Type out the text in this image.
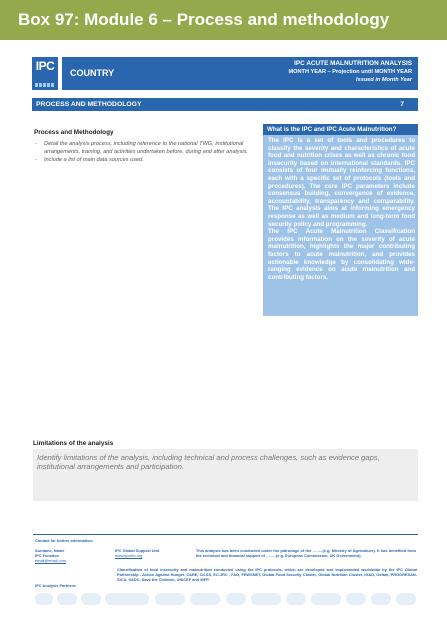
Box 97: Module 6 – Process and methodology
IPC	COUNTRY
IPC ACUTE MALNUTRITION ANALYSIS
MONTH YEAR – Projection until MONTH YEAR
Issued in Month Year
PROCESS AND METHODOLOGY	7
Process and Methodology
- Detail the analysis process, including reference to the national TWG, institutional arrangements, training, and activities undertaken before, during and after analysis.
- Include a list of main data sources used.
What is the IPC and IPC Acute Malnutrition?

The IPC is a set of tools and procedures to classify the severity and characteristics of acute food and nutrition crises as well as chronic food insecurity based on international standards. IPC consists of four mutually reinforcing functions, each with a specific set of protocols (tools and procedures). The core IPC parameters include consensus building, convergence of evidence, accountability, transparency and comparability. The IPC analysis aims at informing emergency response as well as medium and long-term food security policy and programming.

The IPC Acute Malnutrition Classification provides information on the severity of acute malnutrition, highlights the major contributing factors to acute malnutrition, and provides actionable knowledge by consolidating wide-ranging evidence on acute malnutrition and contributing factors.

Limitations of the analysis
Identify limitations of the analysis, including technical and process challenges, such as evidence gaps, institutional arrangements and participation.
Contact for further information:
Surname, Name
IPC Function
email@email.com
IPC Global Support Unit
www.ipcinfo.org
This analysis has been conducted under the patronage of the ……..(e.g. Ministry of Agriculture). It has benefited from the technical and financial support of ……..(e.g. European Commission, UK Government).
Classification of food insecurity and malnutrition conducted using the IPC protocols, which are developed and implemented worldwide by the IPC Global Partnership - Action Against Hunger, CARE, CILSS, EC-JRC , FAO, FEWSNET, Global Food Security Cluster, Global Nutrition Cluster, IGAD, Oxfam, PROGRESAN-SICA, SADC, Save the Children, UNICEF and WFP.
IPC Analysis Partners:
